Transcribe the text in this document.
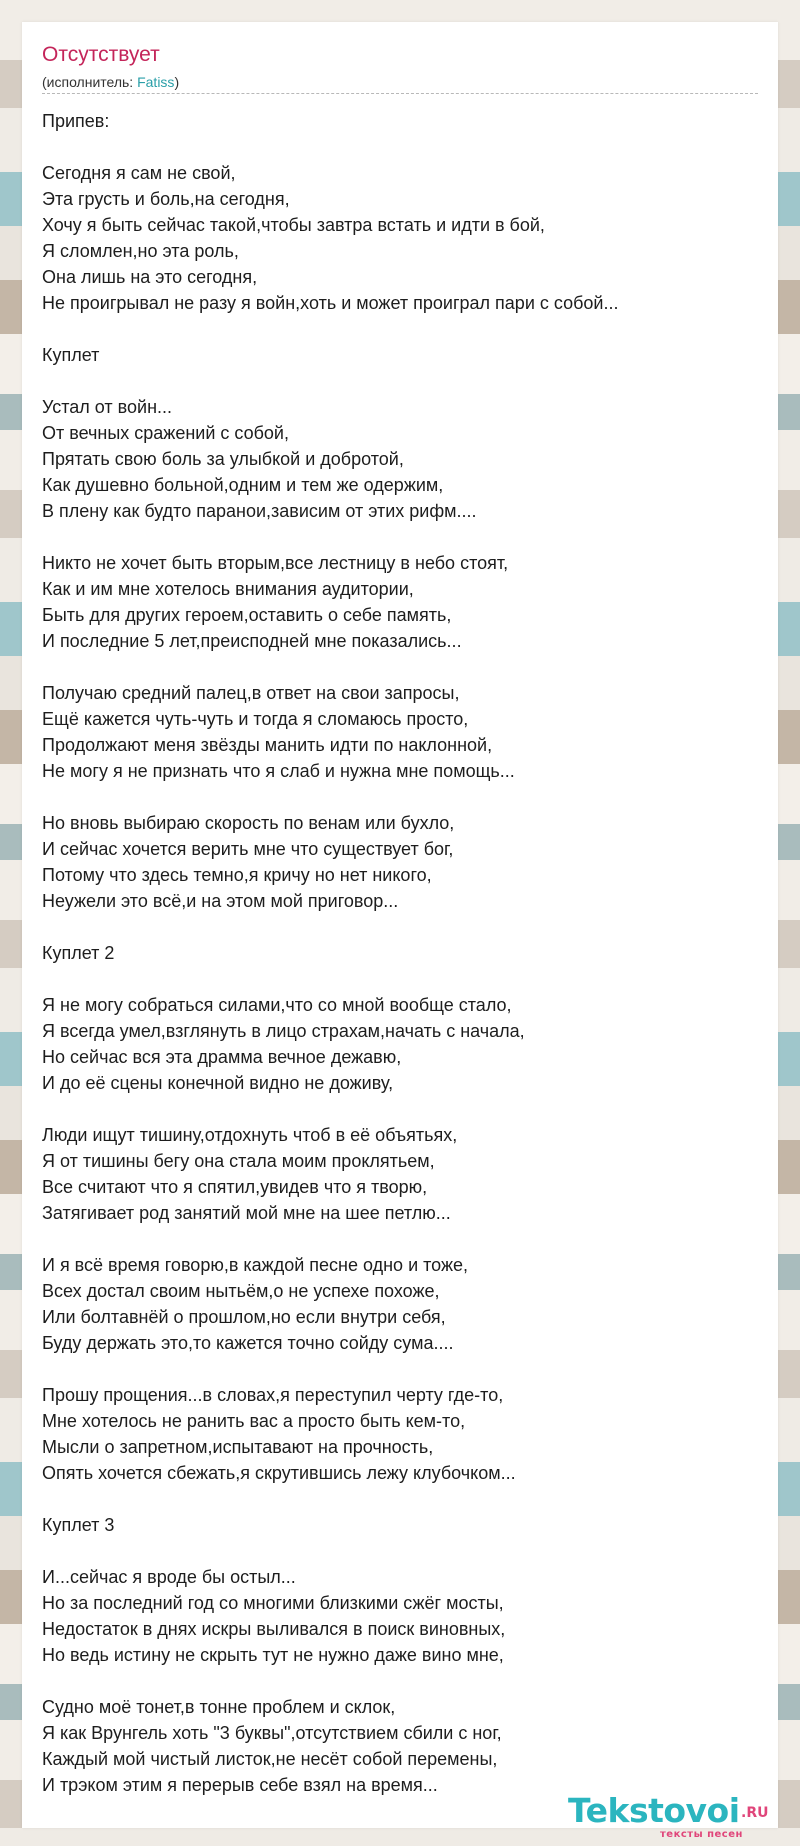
Отсутствует
(исполнитель: Fatiss)
Припев:
Сегодня я сам не свой,
Эта грусть и боль,на сегодня,
Хочу я быть сейчас такой,чтобы завтра встать и идти в бой,
Я сломлен,но эта роль,
Она лишь на это сегодня,
Не проигрывал не разу я войн,хоть и может проиграл пари с собой...
Куплет
Устал от войн...
От вечных сражений с собой,
Прятать свою боль за улыбкой и добротой,
Как душевно больной,одним и тем же одержим,
В плену как будто паранои,зависим от этих рифм....
Никто не хочет быть вторым,все лестницу в небо стоят,
Как и им мне хотелось внимания аудитории,
Быть для других героем,оставить о себе память,
И последние 5 лет,преисподней мне показались...
Получаю средний палец,в ответ на свои запросы,
Ещё кажется чуть-чуть и тогда я сломаюсь просто,
Продолжают меня звёзды манить идти по наклонной,
Не могу я не признать что я слаб и нужна мне помощь...
Но вновь выбираю скорость по венам или бухло,
И сейчас хочется верить мне что существует бог,
Потому что здесь темно,я кричу но нет никого,
Неужели это всё,и на этом мой приговор...
Куплет 2
Я не могу собраться силами,что со мной вообще стало,
Я всегда умел,взглянуть в лицо страхам,начать с начала,
Но сейчас вся эта драмма вечное дежавю,
И до её сцены конечной видно не доживу,
Люди ищут тишину,отдохнуть чтоб в её объятьях,
Я от тишины бегу она стала моим проклятьем,
Все считают что я спятил,увидев что я творю,
Затягивает род занятий мой мне на шее петлю...
И я всё время говорю,в каждой песне одно и тоже,
Всех достал своим нытьём,о не успехе похоже,
Или болтавнёй о прошлом,но если внутри себя,
Буду держать это,то кажется точно сойду сума....
Прошу прощения...в словах,я переступил черту где-то,
Мне хотелось не ранить вас а просто быть кем-то,
Мысли о запретном,испытавают на прочность,
Опять хочется сбежать,я скрутившись лежу клубочком...
Куплет 3
И...сейчас я вроде бы остыл...
Но за последний год со многими близкими сжёг мосты,
Недостаток в днях искры выливался в поиск виновных,
Но ведь истину не скрыть тут не нужно даже вино мне,
Судно моё тонет,в тонне проблем и склок,
Я как Врунгель хоть "3 буквы",отсутствием сбили с ног,
Каждый мой чистый листок,не несёт собой перемены,
И трэком этим я перерыв себе взял на время...
Tekstovoi .RU
тексты песен
